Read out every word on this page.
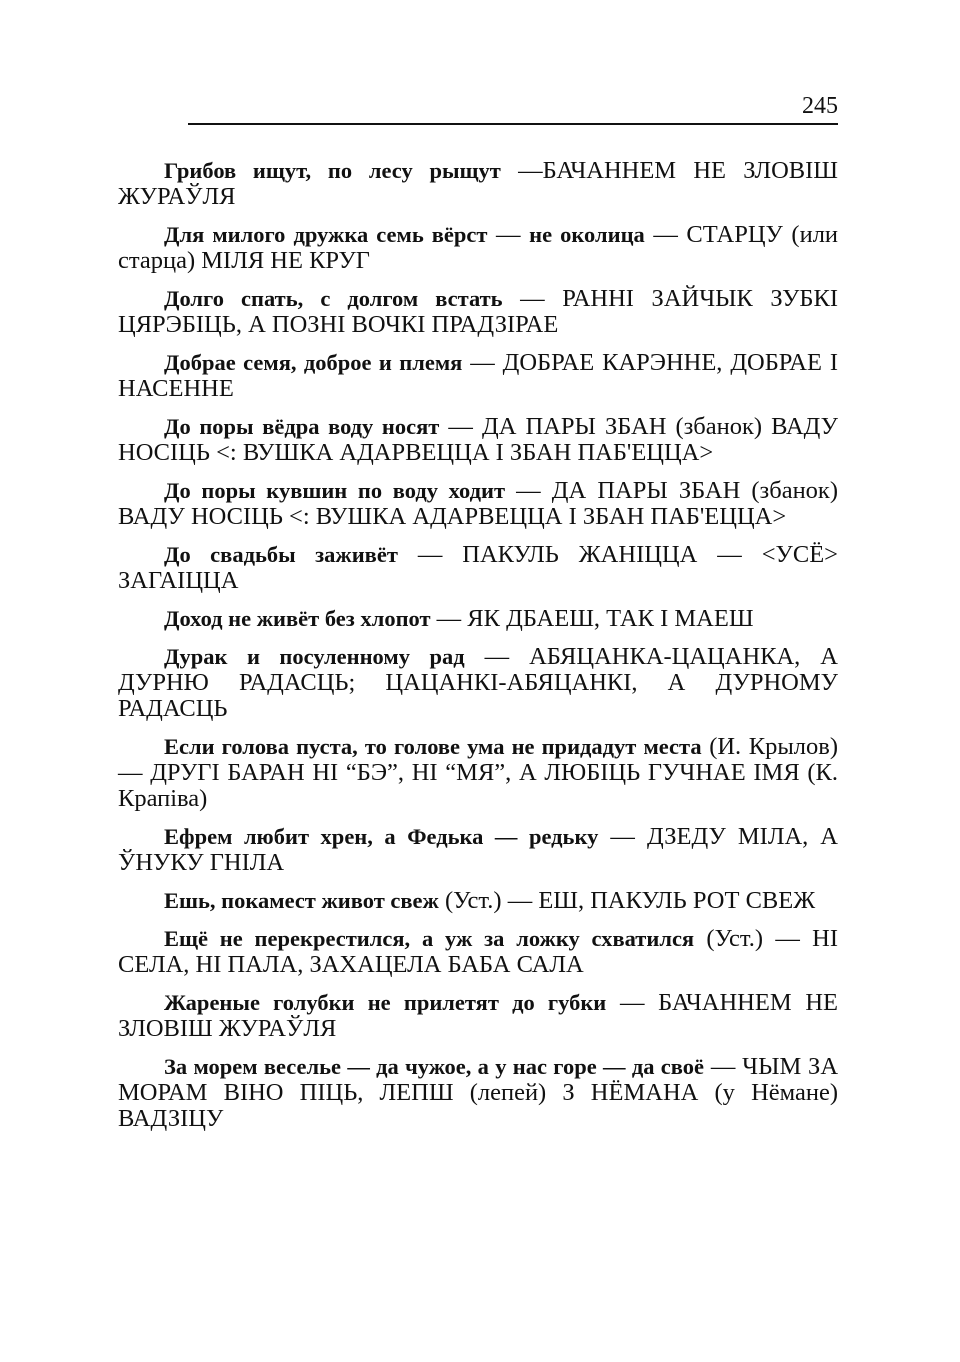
245

Грибов ищут, по лесу рыщут —БАЧАННЕМ НЕ ЗЛОВІШ ЖУРАЎЛЯ

Для милого дружка семь вёрст — не околица — СТАРЦУ (или старца) МІЛЯ НЕ КРУГ

Долго спать, с долгом встать — РАННІ ЗАЙЧЫК ЗУБКІ ЦЯРЭБІЦЬ, А ПОЗНІ ВОЧКІ ПРАДЗІРАЕ

Добрае семя, доброе и племя — ДОБРАЕ КАРЭННЕ, ДОБРАЕ І НАСЕННЕ

До поры вёдра воду носят — ДА ПАРЫ ЗБАН (збанок) ВАДУ НОСІЦЬ <: ВУШКА АДАРВЕЦЦА І ЗБАН ПАБ'ЕЦЦА>

До поры кувшин по воду ходит — ДА ПАРЫ ЗБАН (збанок) ВАДУ НОСІЦЬ <: ВУШКА АДАРВЕЦЦА І ЗБАН ПАБ'ЕЦЦА>

До свадьбы заживёт — ПАКУЛЬ ЖАНІЦЦА — <УСЁ> ЗАГАІЦЦА

Доход не живёт без хлопот — ЯК ДБАЕШ, ТАК І МАЕШ

Дурак и посуленному рад — АБЯЦАНКА-ЦАЦАНКА, А ДУРНЮ РАДАСЦЬ; ЦАЦАНКІ-АБЯЦАНКІ, А ДУРНОМУ РАДАСЦЬ

Если голова пуста, то голове ума не придадут места (И. Крылов) — ДРУГІ БАРАН НІ “БЭ”, НІ “МЯ”, А ЛЮБІЦЬ ГУЧНАЕ ІМЯ (К. Крапіва)

Ефрем любит хрен, а Федька — редьку — ДЗЕДУ МІЛА, А ЎНУКУ ГНІЛА

Ешь, покамест живот свеж (Уст.) — ЕШ, ПАКУЛЬ РОТ СВЕЖ

Ещё не перекрестился, а уж за ложку схватился (Уст.) — НІ СЕЛА, НІ ПАЛА, ЗАХАЦЕЛА БАБА САЛА

Жареные голубки не прилетят до губки — БАЧАННЕМ НЕ ЗЛОВІШ ЖУРАЎЛЯ

За морем веселье — да чужое, а у нас горе — да своё — ЧЫМ ЗА МОРАМ ВІНО ПІЦЬ, ЛЕПШ (лепей) З НЁМАНА (у Нёмане) ВАДЗІЦУ
